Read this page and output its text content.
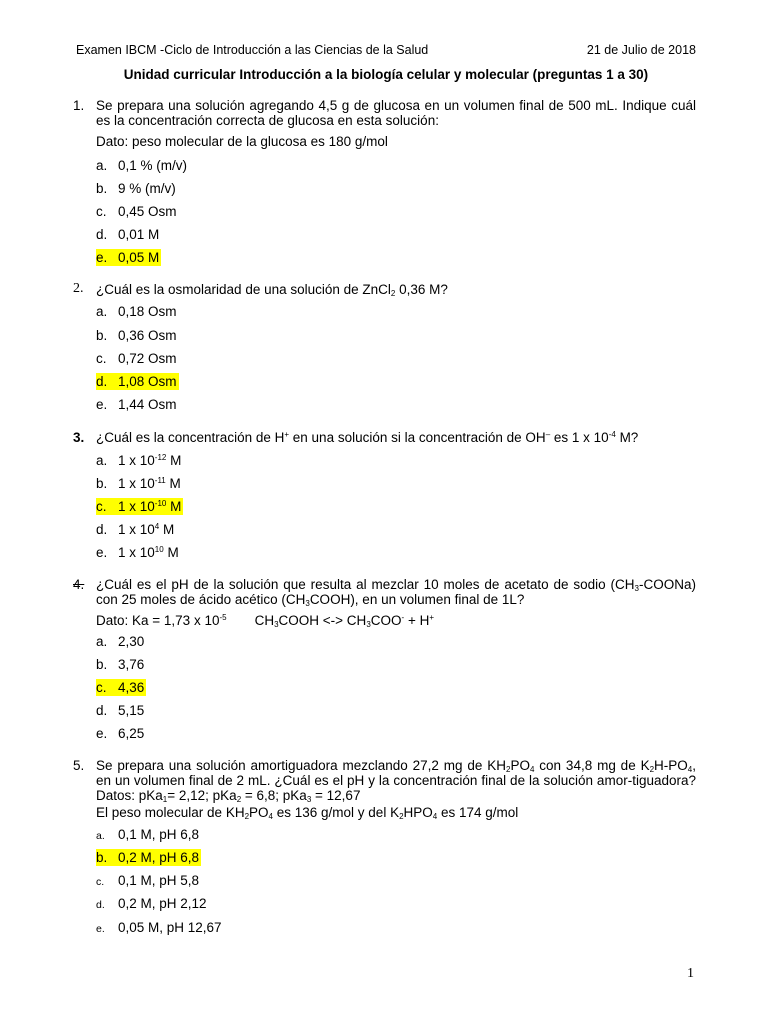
Examen IBCM -Ciclo de Introducción a las Ciencias de la Salud	21 de Julio de 2018
Unidad curricular Introducción a la biología celular y molecular (preguntas 1 a 30)
1. Se prepara una solución agregando 4,5 g de glucosa en un volumen final de 500 mL. Indique cuál es la concentración correcta de glucosa en esta solución:
Dato: peso molecular de la glucosa es 180 g/mol
a. 0,1 % (m/v)
b. 9 % (m/v)
c. 0,45 Osm
d. 0,01 M
e. 0,05 M
2. ¿Cuál es la osmolaridad de una solución de ZnCl$_2$ 0,36 M?
a. 0,18 Osm
b. 0,36 Osm
c. 0,72 Osm
d. 1,08 Osm
e. 1,44 Osm
3. ¿Cuál es la concentración de H+ en una solución si la concentración de OH– es 1 x $10^{-4}$ M?
a. 1 x $10^{-12}$ M
b. 1 x $10^{-11}$ M
c. 1 x $10^{-10}$ M
d. 1 x $10^4$ M
e. 1 x $10^{10}$ M
4. ¿Cuál es el pH de la solución que resulta al mezclar 10 moles de acetato de sodio $(CH_3-COONa)$ con 25 moles de ácido acético $(CH_3COOH)$, en un volumen final de 1L?
Dato: Ka = 1,73 x $10^{-5}$ $CH_3COOH$ <-> $CH_3COO^- + H^+$
a. 2,30
b. 3,76
c. 4,36
d. 5,15
e. 6,25
5. Se prepara una solución amortiguadora mezclando 27,2 mg de $KH_2PO_4$ con 34,8 mg de $K_2H-PO_4$, en un volumen final de 2 mL. ¿Cuál es el pH y la concentración final de la solución amor-tiguadora? Datos: pKa$_1$= 2,12; pKa$_2$ = 6,8; pKa$_3$ = 12,67
El peso molecular de $KH_2PO_4$ es 136 g/mol y del $K_2HPO_4$ es 174 g/mol
a. 0,1 M, pH 6,8
b. 0,2 M, pH 6,8
c. 0,1 M, pH 5,8
d. 0,2 M, pH 2,12
e. 0,05 M, pH 12,67
1
